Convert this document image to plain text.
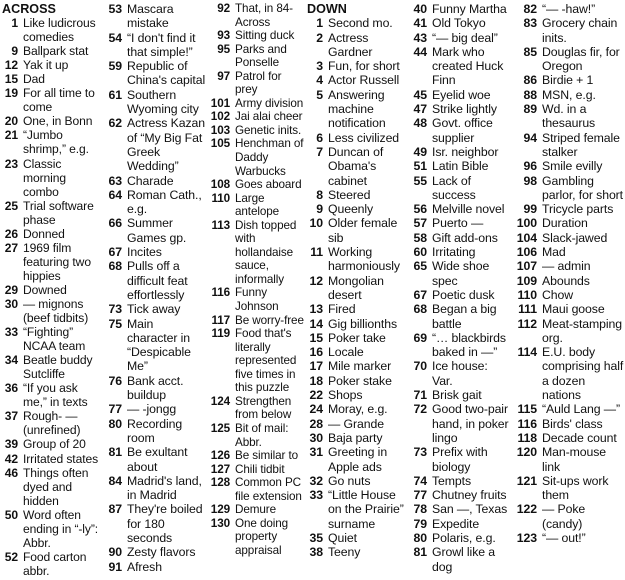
ACROSS
1 Like ludicrous comedies
9 Ballpark stat
12 Yak it up
15 Dad
19 For all time to come
20 One, in Bonn
21 “Jumbo shrimp,” e.g.
23 Classic morning combo
25 Trial software phase
26 Donned
27 1969 film featuring two hippies
29 Downed
30 — mignons (beef tidbits)
33 “Fighting” NCAA team
34 Beatle buddy Sutcliffe
36 “If you ask me,” in texts
37 Rough- — (unrefined)
39 Group of 20
42 Irritated states
46 Things often dyed and hidden
50 Word often ending in “-ly”: Abbr.
52 Food carton abbr.
53 Mascara mistake
54 “I don't find it that simple!”
59 Republic of China's capital
61 Southern Wyoming city
62 Actress Kazan of “My Big Fat Greek Wedding”
63 Charade
64 Roman Cath., e.g.
66 Summer Games gp.
67 Incites
68 Pulls off a difficult feat effortlessly
73 Tick away
75 Main character in “Despicable Me”
76 Bank acct. buildup
77 — -jongg
80 Recording room
81 Be exultant about
84 Madrid's land, in Madrid
87 They're boiled for 180 seconds
90 Zesty flavors
91 Afresh
92 That, in 84-Across
93 Sitting duck
95 Parks and Ponselle
97 Patrol for prey
101 Army division
102 Jai alai cheer
103 Genetic inits.
105 Henchman of Daddy Warbucks
108 Goes aboard
110 Large antelope
113 Dish topped with hollandaise sauce, informally
116 Funny Johnson
117 Be worry-free
119 Food that's literally represented five times in this puzzle
124 Strengthen from below
125 Bit of mail: Abbr.
126 Be similar to
127 Chili tidbit
128 Common PC file extension
129 Demure
130 One doing property appraisal
DOWN
1 Second mo.
2 Actress Gardner
3 Fun, for short
4 Actor Russell
5 Answering machine notification
6 Less civilized
7 Duncan of Obama's cabinet
8 Steered
9 Queenly
10 Older female sib
11 Working harmoniously
12 Mongolian desert
13 Fired
14 Gig billionths
15 Poker take
16 Locale
17 Mile marker
18 Poker stake
22 Shops
24 Moray, e.g.
28 — Grande
30 Baja party
31 Greeting in Apple ads
32 Go nuts
33 “Little House on the Prairie” surname
35 Quiet
38 Teeny
40 Funny Martha
41 Old Tokyo
43 “— big deal”
44 Mark who created Huck Finn
45 Eyelid woe
47 Strike lightly
48 Govt. office supplier
49 Isr. neighbor
51 Latin Bible
55 Lack of success
56 Melville novel
57 Puerto —
58 Gift add-ons
60 Irritating
65 Wide shoe spec
67 Poetic dusk
68 Began a big battle
69 “… blackbirds baked in —”
70 Ice house: Var.
71 Brisk gait
72 Good two-pair hand, in poker lingo
73 Prefix with biology
74 Tempts
77 Chutney fruits
78 San —, Texas
79 Expedite
80 Polaris, e.g.
81 Growl like a dog
82 “— -haw!”
83 Grocery chain inits.
85 Douglas fir, for Oregon
86 Birdie + 1
88 MSN, e.g.
89 Wd. in a thesaurus
94 Striped female stalker
96 Smile evilly
98 Gambling parlor, for short
99 Tricycle parts
100 Duration
104 Slack-jawed
106 Mad
107 — admin
109 Abounds
110 Chow
111 Maui goose
112 Meat-stamping org.
114 E.U. body comprising half a dozen nations
115 “Auld Lang —”
116 Birds' class
118 Decade count
120 Man-mouse link
121 Sit-ups work them
122 — Poke (candy)
123 “— out!”
